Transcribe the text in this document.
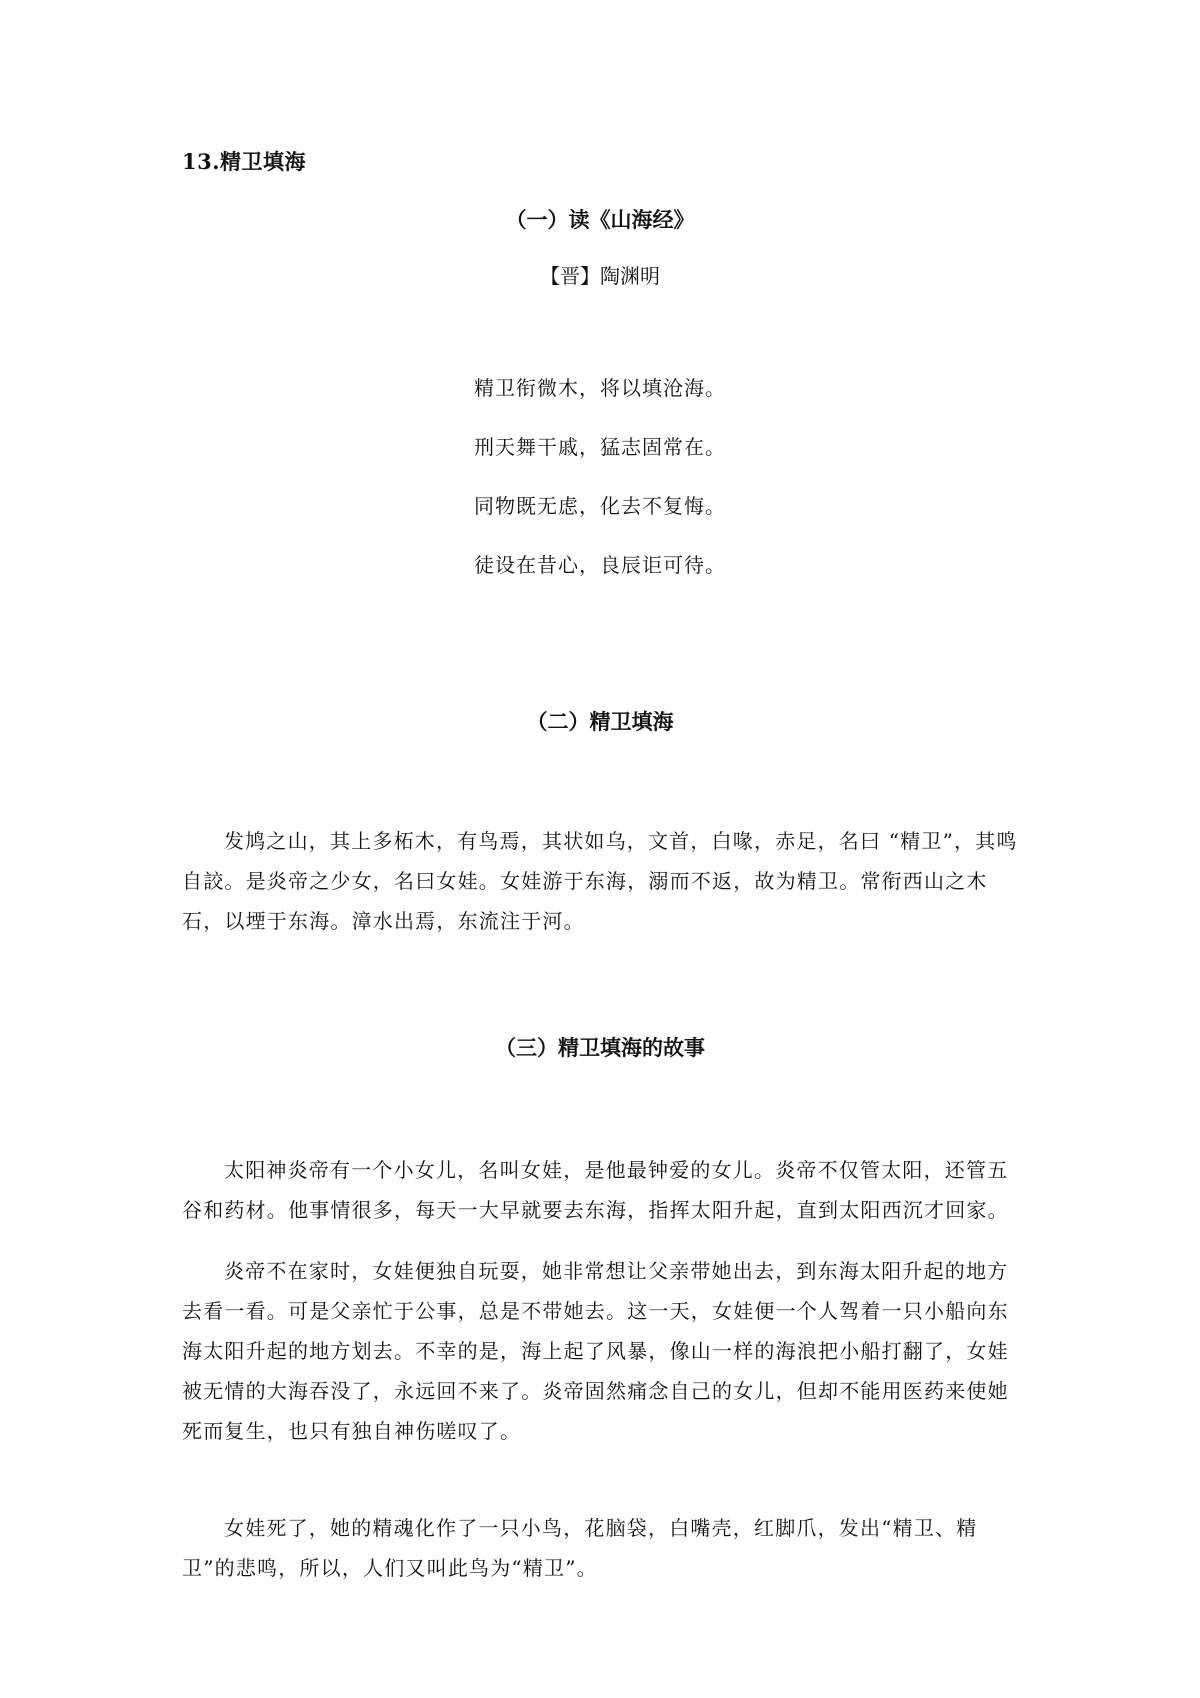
13.精卫填海
（一）读《山海经》
【晋】陶渊明
精卫衔微木，将以填沧海。
刑天舞干戚，猛志固常在。
同物既无虑，化去不复悔。
徒设在昔心，良辰讵可待。
（二）精卫填海

发鸠之山，其上多柘木，有鸟焉，其状如乌，文首，白喙，赤足，名曰 “精卫”，其鸣自詨。是炎帝之少女，名曰女娃。女娃游于东海，溺而不返，故为精卫。常衔西山之木石，以堙于东海。漳水出焉，东流注于河。

（三）精卫填海的故事

太阳神炎帝有一个小女儿，名叫女娃，是他最钟爱的女儿。炎帝不仅管太阳，还管五谷和药材。他事情很多，每天一大早就要去东海，指挥太阳升起，直到太阳西沉才回家。

炎帝不在家时，女娃便独自玩耍，她非常想让父亲带她出去，到东海太阳升起的地方去看一看。可是父亲忙于公事，总是不带她去。这一天，女娃便一个人驾着一只小船向东海太阳升起的地方划去。不幸的是，海上起了风暴，像山一样的海浪把小船打翻了，女娃被无情的大海吞没了，永远回不来了。炎帝固然痛念自己的女儿，但却不能用医药来使她死而复生，也只有独自神伤嗟叹了。

女娃死了，她的精魂化作了一只小鸟，花脑袋，白嘴壳，红脚爪，发出“精卫、精卫”的悲鸣，所以，人们又叫此鸟为“精卫”。
